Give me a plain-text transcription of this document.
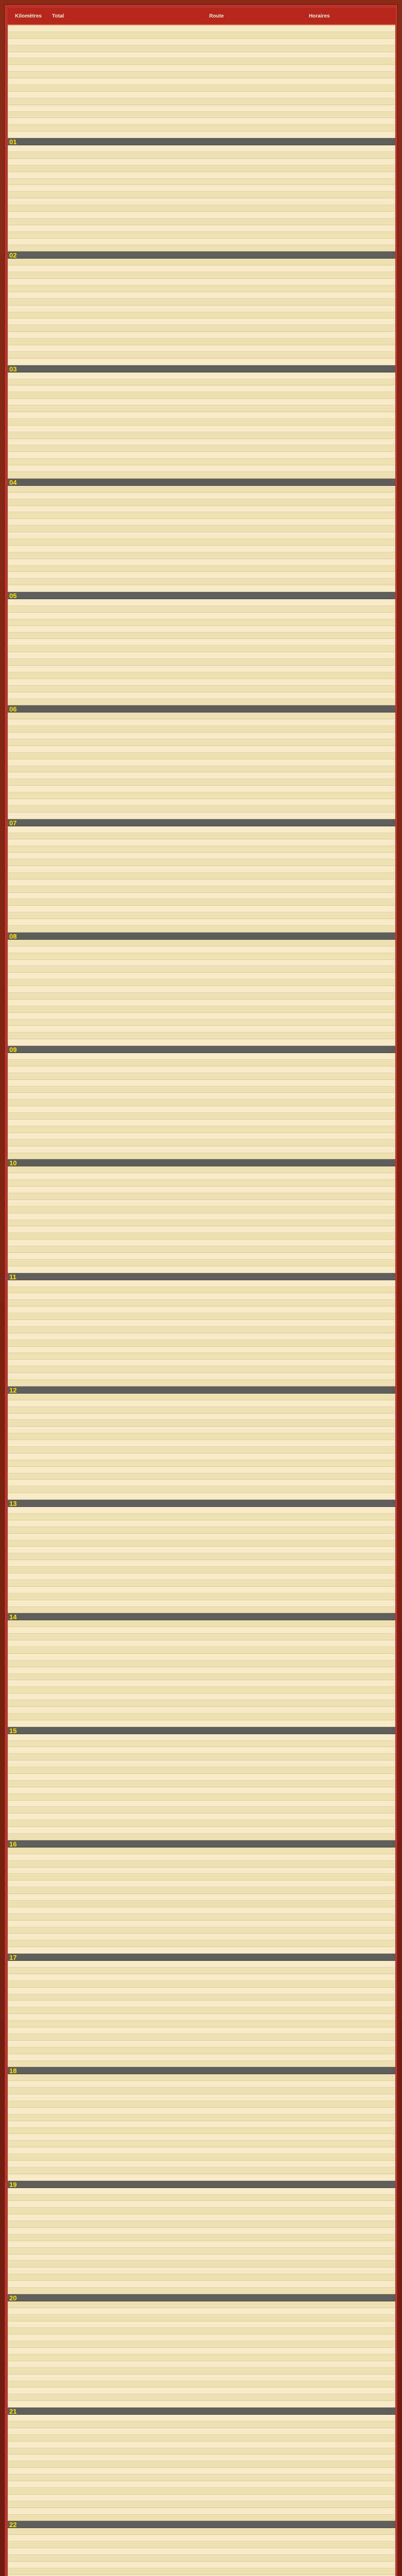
Kilomètres	Total	Route	Horaires
01
02
03
04
05
06
07
08
09
10
11
12
13
14
15
16
17
18
19
20
21
22
